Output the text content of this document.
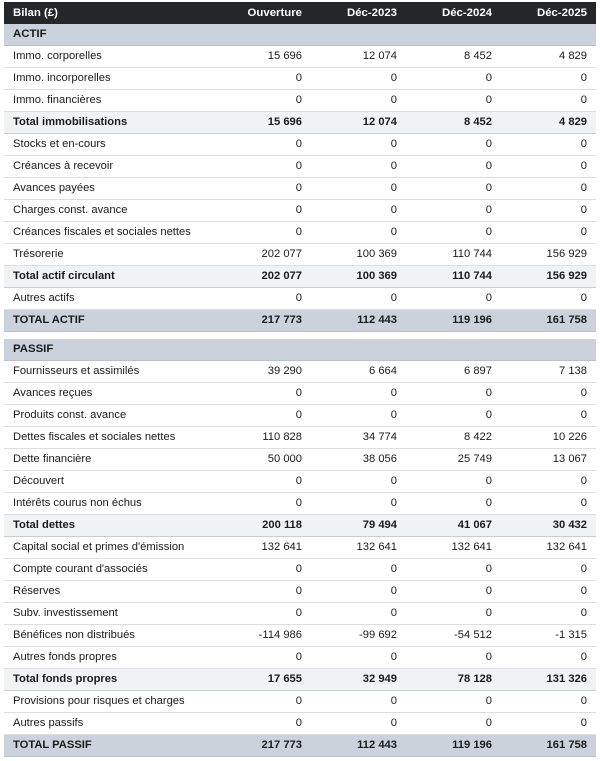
Bilan (£)	Ouverture	Déc-2023	Déc-2024	Déc-2025
ACTIF				
Immo. corporelles	15 696	12 074	8 452	4 829
Immo. incorporelles	0	0	0	0
Immo. financières	0	0	0	0
Total immobilisations	15 696	12 074	8 452	4 829
Stocks et en-cours	0	0	0	0
Créances à recevoir	0	0	0	0
Avances payées	0	0	0	0
Charges const. avance	0	0	0	0
Créances fiscales et sociales nettes	0	0	0	0
Trésorerie	202 077	100 369	110 744	156 929
Total actif circulant	202 077	100 369	110 744	156 929
Autres actifs	0	0	0	0
TOTAL ACTIF	217 773	112 443	119 196	161 758

PASSIF				
Fournisseurs et assimilés	39 290	6 664	6 897	7 138
Avances reçues	0	0	0	0
Produits const. avance	0	0	0	0
Dettes fiscales et sociales nettes	110 828	34 774	8 422	10 226
Dette financière	50 000	38 056	25 749	13 067
Découvert	0	0	0	0
Intérêts courus non échus	0	0	0	0
Total dettes	200 118	79 494	41 067	30 432
Capital social et primes d'émission	132 641	132 641	132 641	132 641
Compte courant d'associés	0	0	0	0
Réserves	0	0	0	0
Subv. investissement	0	0	0	0
Bénéfices non distribués	-114 986	-99 692	-54 512	-1 315
Autres fonds propres	0	0	0	0
Total fonds propres	17 655	32 949	78 128	131 326
Provisions pour risques et charges	0	0	0	0
Autres passifs	0	0	0	0
TOTAL PASSIF	217 773	112 443	119 196	161 758
